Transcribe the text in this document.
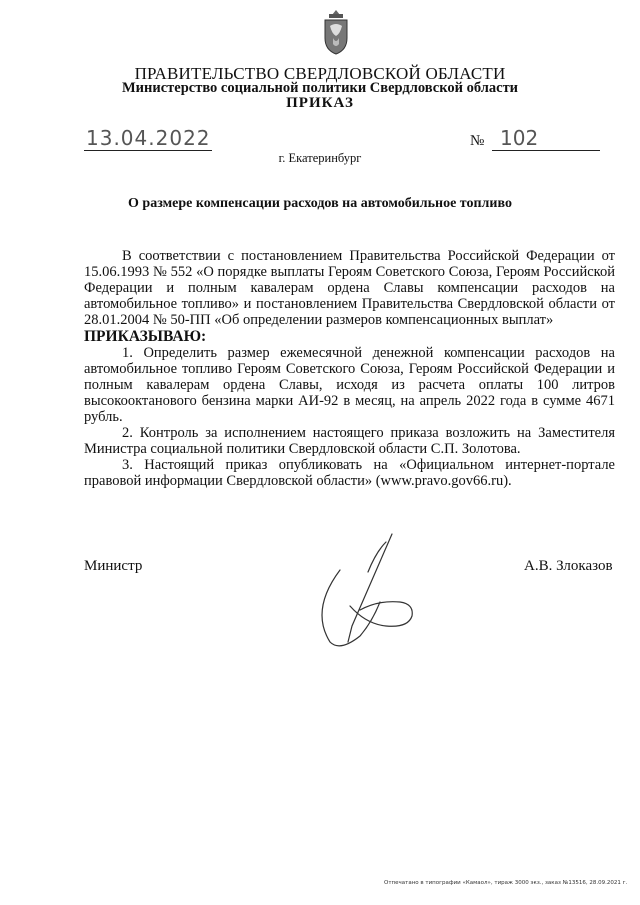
ПРАВИТЕЛЬСТВО СВЕРДЛОВСКОЙ ОБЛАСТИ
Министерство социальной политики Свердловской области
ПРИКАЗ
13.04.2022	№ 102
г. Екатеринбург
О размере компенсации расходов на автомобильное топливо

В соответствии с постановлением Правительства Российской Федерации от 15.06.1993 № 552 «О порядке выплаты Героям Советского Союза, Героям Российской Федерации и полным кавалерам ордена Славы компенсации расходов на автомобильное топливо» и постановлением Правительства Свердловской области от 28.01.2004 № 50-ПП «Об определении размеров компенсационных выплат»

ПРИКАЗЫВАЮ:

1. Определить размер ежемесячной денежной компенсации расходов на автомобильное топливо Героям Советского Союза, Героям Российской Федерации и полным кавалерам ордена Славы, исходя из расчета оплаты 100 литров высокооктанового бензина марки АИ-92 в месяц, на апрель 2022 года в сумме 4671 рубль.

2. Контроль за исполнением настоящего приказа возложить на Заместителя Министра социальной политики Свердловской области С.П. Золотова.

3. Настоящий приказ опубликовать на «Официальном интернет-портале правовой информации Свердловской области» (www.pravo.gov66.ru).

Министр	А.В. Злоказов
Отпечатано в типографии «Камаол», тираж 3000 экз., заказ №13516, 28.09.2021 г.
